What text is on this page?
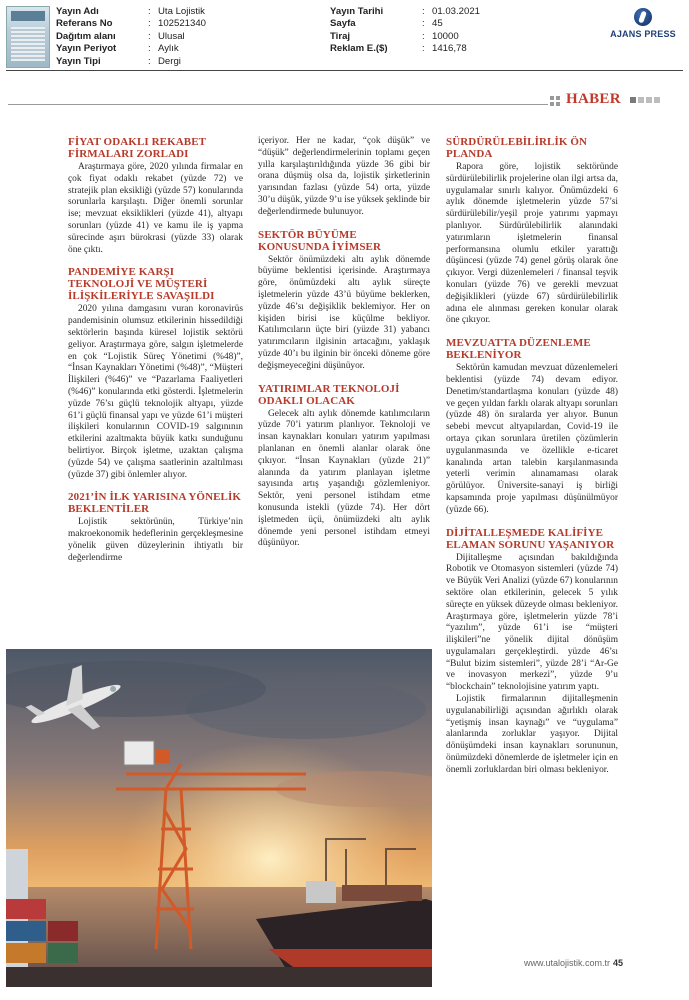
Yayın Adı	: Uta Lojistik
Referans No	: 102521340
Dağıtım alanı	: Ulusal
Yayın Periyot	: Aylık
Yayın Tipi	: Dergi
Yayın Tarihi	: 01.03.2021
Sayfa	: 45
Tiraj	: 10000
Reklam E.($)	: 1416,78
AJANS PRESS
HABER
FİYAT ODAKLI REKABET FİRMALARI ZORLADI

Araştırmaya göre, 2020 yılında firmalar en çok fiyat odaklı rekabet (yüzde 72) ve stratejik plan eksikliği (yüzde 57) konularında sorunlarla karşılaştı. Diğer önemli sorunlar ise; mevzuat eksiklikleri (yüzde 41), altyapı sorunları (yüzde 41) ve kamu ile iş yapma sürecinde aşırı bürokrasi (yüzde 33) olarak öne çıktı.

PANDEMİYE KARŞI TEKNOLOJİ VE MÜŞTERİ İLİŞKİLERİYLE SAVAŞILDI

2020 yılına damgasını vuran koronavirüs pandemisinin olumsuz etkilerinin hissedildiği sektörlerin başında küresel lojistik sektörü geliyor. Araştırmaya göre, salgın işletmelerde en çok “Lojistik Süreç Yönetimi (%48)”, “İnsan Kaynakları Yönetimi (%48)”, “Müşteri İlişkileri (%46)” ve “Pazarlama Faaliyetleri (%46)” konularında etki gösterdi. İşletmelerin yüzde 76’sı güçlü teknolojik altyapı, yüzde 61’i güçlü finansal yapı ve yüzde 61’i müşteri ilişkileri konularının COVID-19 salgınının etkilerini azaltmakta büyük katkı sunduğunu belirtiyor. Birçok işletme, uzaktan çalışma (yüzde 54) ve çalışma saatlerinin azaltılması (yüzde 37) gibi önlemler alıyor.

2021’İN İLK YARISINA YÖNELİK BEKLENTİLER

Lojistik sektörünün, Türkiye’nin makroekonomik hedeflerinin gerçekleşmesine yönelik güven düzeylerinin ihtiyatlı bir değerlendirme

içeriyor. Her ne kadar, “çok düşük” ve “düşük” değerlendirmelerinin toplamı geçen yılla karşılaştırıldığında yüzde 36 gibi bir orana düşmüş olsa da, lojistik şirketlerinin yarısından fazlası (yüzde 54) orta, yüzde 30’u düşük, yüzde 9’u ise yüksek şeklinde bir değerlendirmede bulunuyor.

SEKTÖR BÜYÜME KONUSUNDA İYİMSER

Sektör önümüzdeki altı aylık dönemde büyüme beklentisi içerisinde. Araştırmaya göre, önümüzdeki altı aylık süreçte işletmelerin yüzde 43’ü büyüme beklerken, yüzde 46’sı değişiklik beklemiyor. Her on kişiden birisi ise küçülme bekliyor. Katılımcıların üçte biri (yüzde 31) yabancı yatırımcıların ilgisinin artacağını, yaklaşık yüzde 40’ı bu ilginin bir önceki döneme göre değişmeyeceğini düşünüyor.

YATIRIMLAR TEKNOLOJİ ODAKLI OLACAK

Gelecek altı aylık dönemde katılımcıların yüzde 70’i yatırım planlıyor. Teknoloji ve insan kaynakları konuları yatırım yapılması planlanan en önemli alanlar olarak öne çıkıyor. “İnsan Kaynakları (yüzde 21)” alanında da yatırım planlayan işletme sayısında artış yaşandığı gözlemleniyor. Sektör, yeni personel istihdam etme konusunda istekli (yüzde 74). Her dört işletmeden üçü, önümüzdeki altı aylık dönemde yeni personel istihdam etmeyi düşünüyor.

SÜRDÜRÜLEBİLİRLİK ÖN PLANDA

Rapora göre, lojistik sektöründe sürdürülebilirlik projelerine olan ilgi artsa da, uygulamalar sınırlı kalıyor. Önümüzdeki 6 aylık dönemde işletmelerin yüzde 57’si sürdürülebilir/yeşil proje yatırımı yapmayı planlıyor. Sürdürülebilirlik alanındaki yatırımların işletmelerin finansal performansına olumlu etkiler yarattığı düşüncesi (yüzde 74) genel görüş olarak öne çıkıyor. Vergi düzenlemeleri / finansal teşvik konuları (yüzde 76) ve gerekli mevzuat değişiklikleri (yüzde 67) sürdürülebilirlik adına ele alınması gereken konular olarak öne çıkıyor.

MEVZUATTA DÜZENLEME BEKLENİYOR

Sektörün kamudan mevzuat düzenlemeleri beklentisi (yüzde 74) devam ediyor. Denetim/standartlaşma konuları (yüzde 48) ve geçen yıldan farklı olarak altyapı sorunları (yüzde 48) ön sıralarda yer alıyor. Bunun sebebi mevcut altyapılardan, Covid-19 ile ortaya çıkan sorunlara üretilen çözümlerin uygulanmasında ve özellikle e-ticaret kanalında artan talebin karşılanmasında yeterli verimin alınamaması olarak görülüyor. Üniversite-sanayi iş birliği kapsamında proje yapılması düşünülmüyor (yüzde 66).

DİJİTALLEŞMEDE KALİFİYE ELAMAN SORUNU YAŞANIYOR

Dijitalleşme açısından bakıldığında Robotik ve Otomasyon sistemleri (yüzde 74) ve Büyük Veri Analizi (yüzde 67) konularının sektöre olan etkilerinin, gelecek 5 yılık süreçte en yüksek düzeyde olması bekleniyor. Araştırmaya göre, işletmelerin yüzde 78’i “yazılım”, yüzde 61’i ise “müşteri ilişkileri”ne yönelik dijital dönüşüm uygulamaları gerçekleştirdi. yüzde 46’sı “Bulut bizim sistemleri”, yüzde 28’i “Ar-Ge ve inovasyon merkezi”, yüzde 9’u “blockchain” teknolojisine yatırım yaptı.

Lojistik firmalarının dijitalleşmenin uygulanabilirliği açısından ağırlıklı olarak “yetişmiş insan kaynağı” ve “uygulama” alanlarında zorluklar yaşıyor. Dijital dönüşümdeki insan kaynakları sorununun, önümüzdeki dönemlerde de işletmeler için en önemli zorluklardan biri olması bekleniyor.

www.utalojistik.com.tr 45
